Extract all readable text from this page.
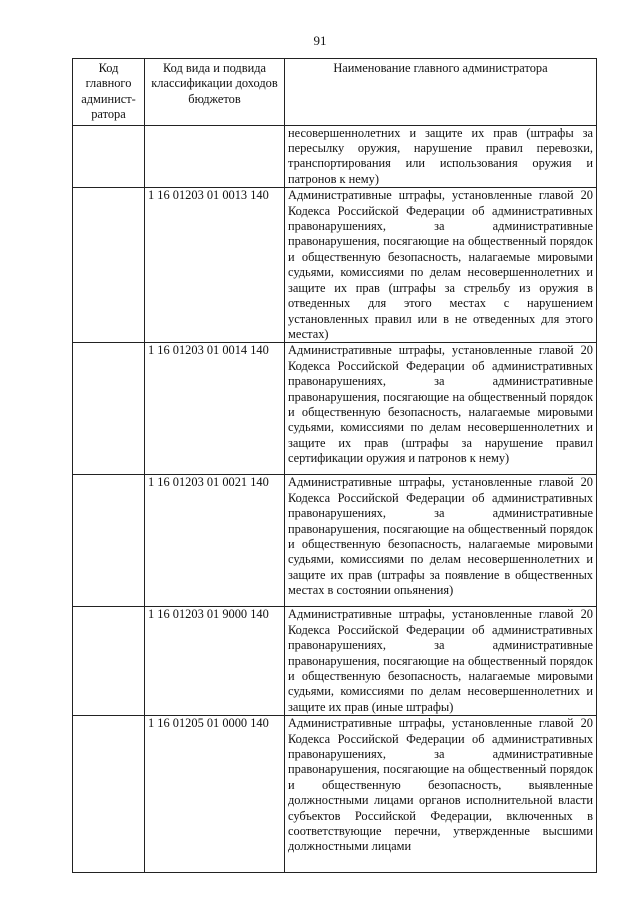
91
Код главного админист-ратора	Код вида и подвида классификации доходов бюджетов	Наименование главного администратора
		несовершеннолетних и защите их прав (штрафы за пересылку оружия, нарушение правил перевозки, транспортирования или использования оружия и патронов к нему)
	1 16 01203 01 0013 140	Административные штрафы, установленные главой 20 Кодекса Российской Федерации об административных правонарушениях, за административные правонарушения, посягающие на общественный порядок и общественную безопасность, налагаемые мировыми судьями, комиссиями по делам несовершеннолетних и защите их прав (штрафы за стрельбу из оружия в отведенных для этого местах с нарушением установленных правил или в не отведенных для этого местах)
	1 16 01203 01 0014 140	Административные штрафы, установленные главой 20 Кодекса Российской Федерации об административных правонарушениях, за административные правонарушения, посягающие на общественный порядок и общественную безопасность, налагаемые мировыми судьями, комиссиями по делам несовершеннолетних и защите их прав (штрафы за нарушение правил сертификации оружия и патронов к нему)
	1 16 01203 01 0021 140	Административные штрафы, установленные главой 20 Кодекса Российской Федерации об административных правонарушениях, за административные правонарушения, посягающие на общественный порядок и общественную безопасность, налагаемые мировыми судьями, комиссиями по делам несовершеннолетних и защите их прав (штрафы за появление в общественных местах в состоянии опьянения)
	1 16 01203 01 9000 140	Административные штрафы, установленные главой 20 Кодекса Российской Федерации об административных правонарушениях, за административные правонарушения, посягающие на общественный порядок и общественную безопасность, налагаемые мировыми судьями, комиссиями по делам несовершеннолетних и защите их прав (иные штрафы)
	1 16 01205 01 0000 140	Административные штрафы, установленные главой 20 Кодекса Российской Федерации об административных правонарушениях, за административные правонарушения, посягающие на общественный порядок и общественную безопасность, выявленные должностными лицами органов исполнительной власти субъектов Российской Федерации, включенных в соответствующие перечни, утвержденные высшими должностными лицами
